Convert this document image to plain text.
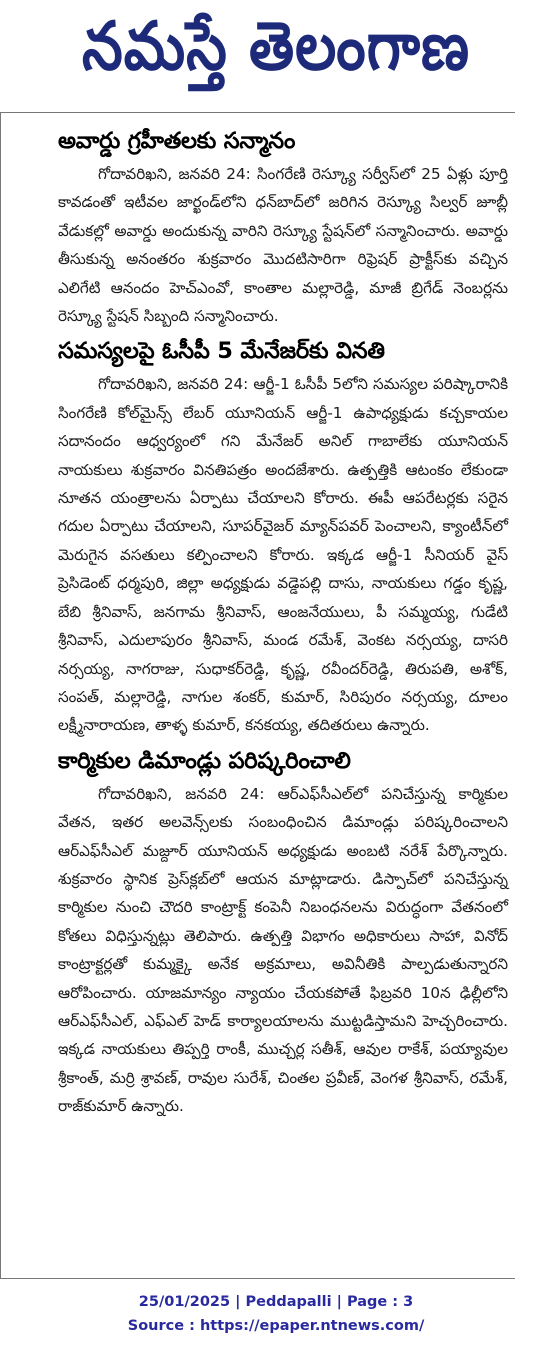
నమస్తే తెలంగాణ
అవార్డు గ్రహీతలకు సన్మానం

గోదావరిఖని, జనవరి 24: సింగరేణి రెస్క్యూ సర్వీస్‌లో 25 ఏళ్లు పూర్తి కావడంతో ఇటీవల జార్ఖండ్‌లోని ధన్‌బాద్‌లో జరిగిన రెస్క్యూ సిల్వర్ జూబ్లీ వేడుకల్లో అవార్డు అందుకున్న వారిని రెస్క్యూ స్టేషన్‌లో సన్మానించారు. అవార్డు తీసుకున్న అనంతరం శుక్రవారం మొదటిసారిగా రిఫ్రెషర్ ప్రాక్టీస్‌కు వచ్చిన ఎలిగేటి ఆనందం హెచ్‌ఎంవో, కాంతాల మల్లారెడ్డి, మాజీ బ్రిగేడ్ నెంబర్లను రెస్క్యూ స్టేషన్ సిబ్బంది సన్మానించారు.

సమస్యలపై ఓసీపీ 5 మేనేజర్‌కు వినతి

గోదావరిఖని, జనవరి 24: ఆర్జీ-1 ఓసీపీ 5లోని సమస్యల పరిష్కారానికి సింగరేణి కోల్‌మైన్స్ లేబర్ యూనియన్ ఆర్జీ-1 ఉపాధ్యక్షుడు కచ్చకాయల సదానందం ఆధ్వర్యంలో గని మేనేజర్ అనిల్ గాబాలేకు యూనియన్ నాయకులు శుక్రవారం వినతిపత్రం అందజేశారు. ఉత్పత్తికి ఆటంకం లేకుండా నూతన యంత్రాలను ఏర్పాటు చేయాలని కోరారు. ఈపీ ఆపరేటర్లకు సరైన గదుల ఏర్పాటు చేయాలని, సూపర్‌వైజర్ మ్యాన్‌పవర్ పెంచాలని, క్యాంటీన్‌లో మెరుగైన వసతులు కల్పించాలని కోరారు. ఇక్కడ ఆర్జీ-1 సీనియర్ వైస్ ప్రెసిడెంట్ ధర్మపురి, జిల్లా అధ్యక్షుడు వడ్డెపల్లి దాసు, నాయకులు గడ్డం కృష్ణ, బేబి శ్రీనివాస్, జనగామ శ్రీనివాస్, ఆంజనేయులు, పీ సమ్మయ్య, గుడేటి శ్రీనివాస్, ఎదులాపురం శ్రీనివాస్, మండ రమేశ్, వెంకట నర్సయ్య, దాసరి నర్సయ్య, నాగరాజు, సుధాకర్‌రెడ్డి, కృష్ణ, రవీందర్‌రెడ్డి, తిరుపతి, అశోక్, సంపత్, మల్లారెడ్డి, నాగుల శంకర్, కుమార్, సిరిపురం నర్సయ్య, దూలం లక్ష్మీనారాయణ, తాళ్ళ కుమార్, కనకయ్య, తదితరులు ఉన్నారు.

కార్మికుల డిమాండ్లు పరిష్కరించాలి

గోదావరిఖని, జనవరి 24: ఆర్‌ఎఫ్‌సీఎల్‌లో పనిచేస్తున్న కార్మికుల వేతన, ఇతర అలవెన్స్‌లకు సంబంధించిన డిమాండ్లు పరిష్కరించాలని ఆర్‌ఎఫ్‌సీఎల్ మజ్దూర్ యూనియన్ అధ్యక్షుడు అంబటి నరేశ్ పేర్కొన్నారు. శుక్రవారం స్థానిక ప్రెస్‌క్లబ్‌లో ఆయన మాట్లాడారు. డిస్పాచ్‌లో పనిచేస్తున్న కార్మికుల నుంచి చౌదరి కాంట్రాక్ట్ కంపెనీ నిబంధనలను విరుద్ధంగా వేతనంలో కోతలు విధిస్తున్నట్లు తెలిపారు. ఉత్పత్తి విభాగం అధికారులు సాహా, వినోద్ కాంట్రాక్టర్లతో కుమ్మక్కై అనేక అక్రమాలు, అవినీతికి పాల్పడుతున్నారని ఆరోపించారు. యాజమాన్యం న్యాయం చేయకపోతే ఫిబ్రవరి 10న ఢిల్లీలోని ఆర్‌ఎఫ్‌సీఎల్, ఎఫ్‌ఎల్ హెడ్ కార్యాలయాలను ముట్టడిస్తామని హెచ్చరించారు. ఇక్కడ నాయకులు తిప్పర్తి రాంకీ, ముచ్చర్ల సతీశ్, ఆవుల రాకేశ్, పయ్యావుల శ్రీకాంత్, మర్రి శ్రావణ్, రావుల సురేశ్, చింతల ప్రవీణ్, వెంగళ శ్రీనివాస్, రమేశ్, రాజ్‌కుమార్ ఉన్నారు.

25/01/2025 | Peddapalli | Page : 3
Source : https://epaper.ntnews.com/
